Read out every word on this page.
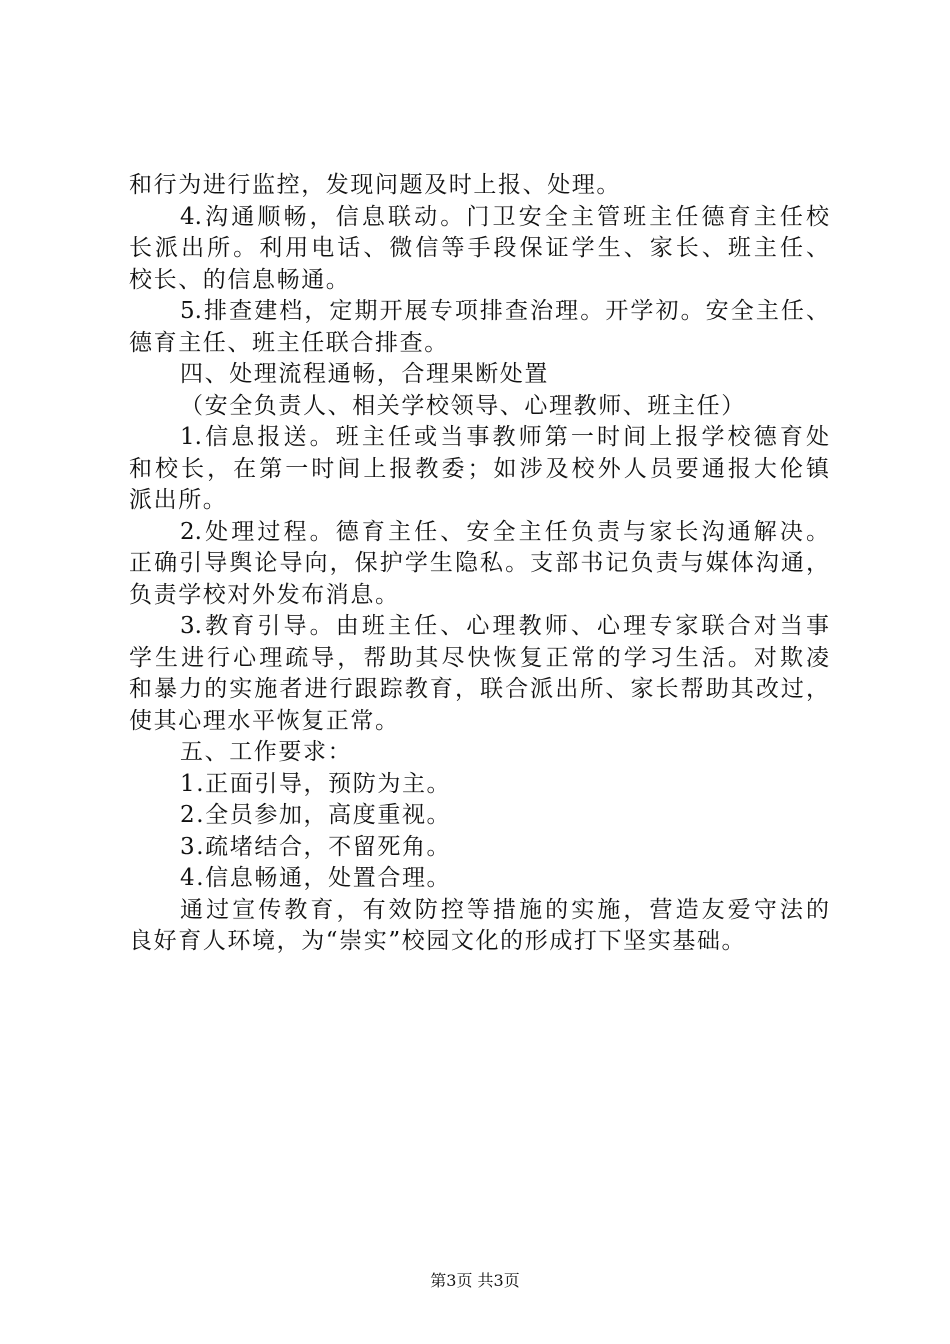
和行为进行监控，发现问题及时上报、处理。
4.沟通顺畅，信息联动。门卫安全主管班主任德育主任校
长派出所。利用电话、微信等手段保证学生、家长、班主任、
校长、的信息畅通。
5.排查建档，定期开展专项排查治理。开学初。安全主任、
德育主任、班主任联合排查。
四、处理流程通畅，合理果断处置
（安全负责人、相关学校领导、心理教师、班主任）
1.信息报送。班主任或当事教师第一时间上报学校德育处
和校长，在第一时间上报教委；如涉及校外人员要通报大伦镇
派出所。
2.处理过程。德育主任、安全主任负责与家长沟通解决。
正确引导舆论导向，保护学生隐私。支部书记负责与媒体沟通，
负责学校对外发布消息。
3.教育引导。由班主任、心理教师、心理专家联合对当事
学生进行心理疏导，帮助其尽快恢复正常的学习生活。对欺凌
和暴力的实施者进行跟踪教育，联合派出所、家长帮助其改过，
使其心理水平恢复正常。
五、工作要求：
1.正面引导，预防为主。
2.全员参加，高度重视。
3.疏堵结合，不留死角。
4.信息畅通，处置合理。
通过宣传教育，有效防控等措施的实施，营造友爱守法的
良好育人环境，为“崇实”校园文化的形成打下坚实基础。
第3页 共3页
